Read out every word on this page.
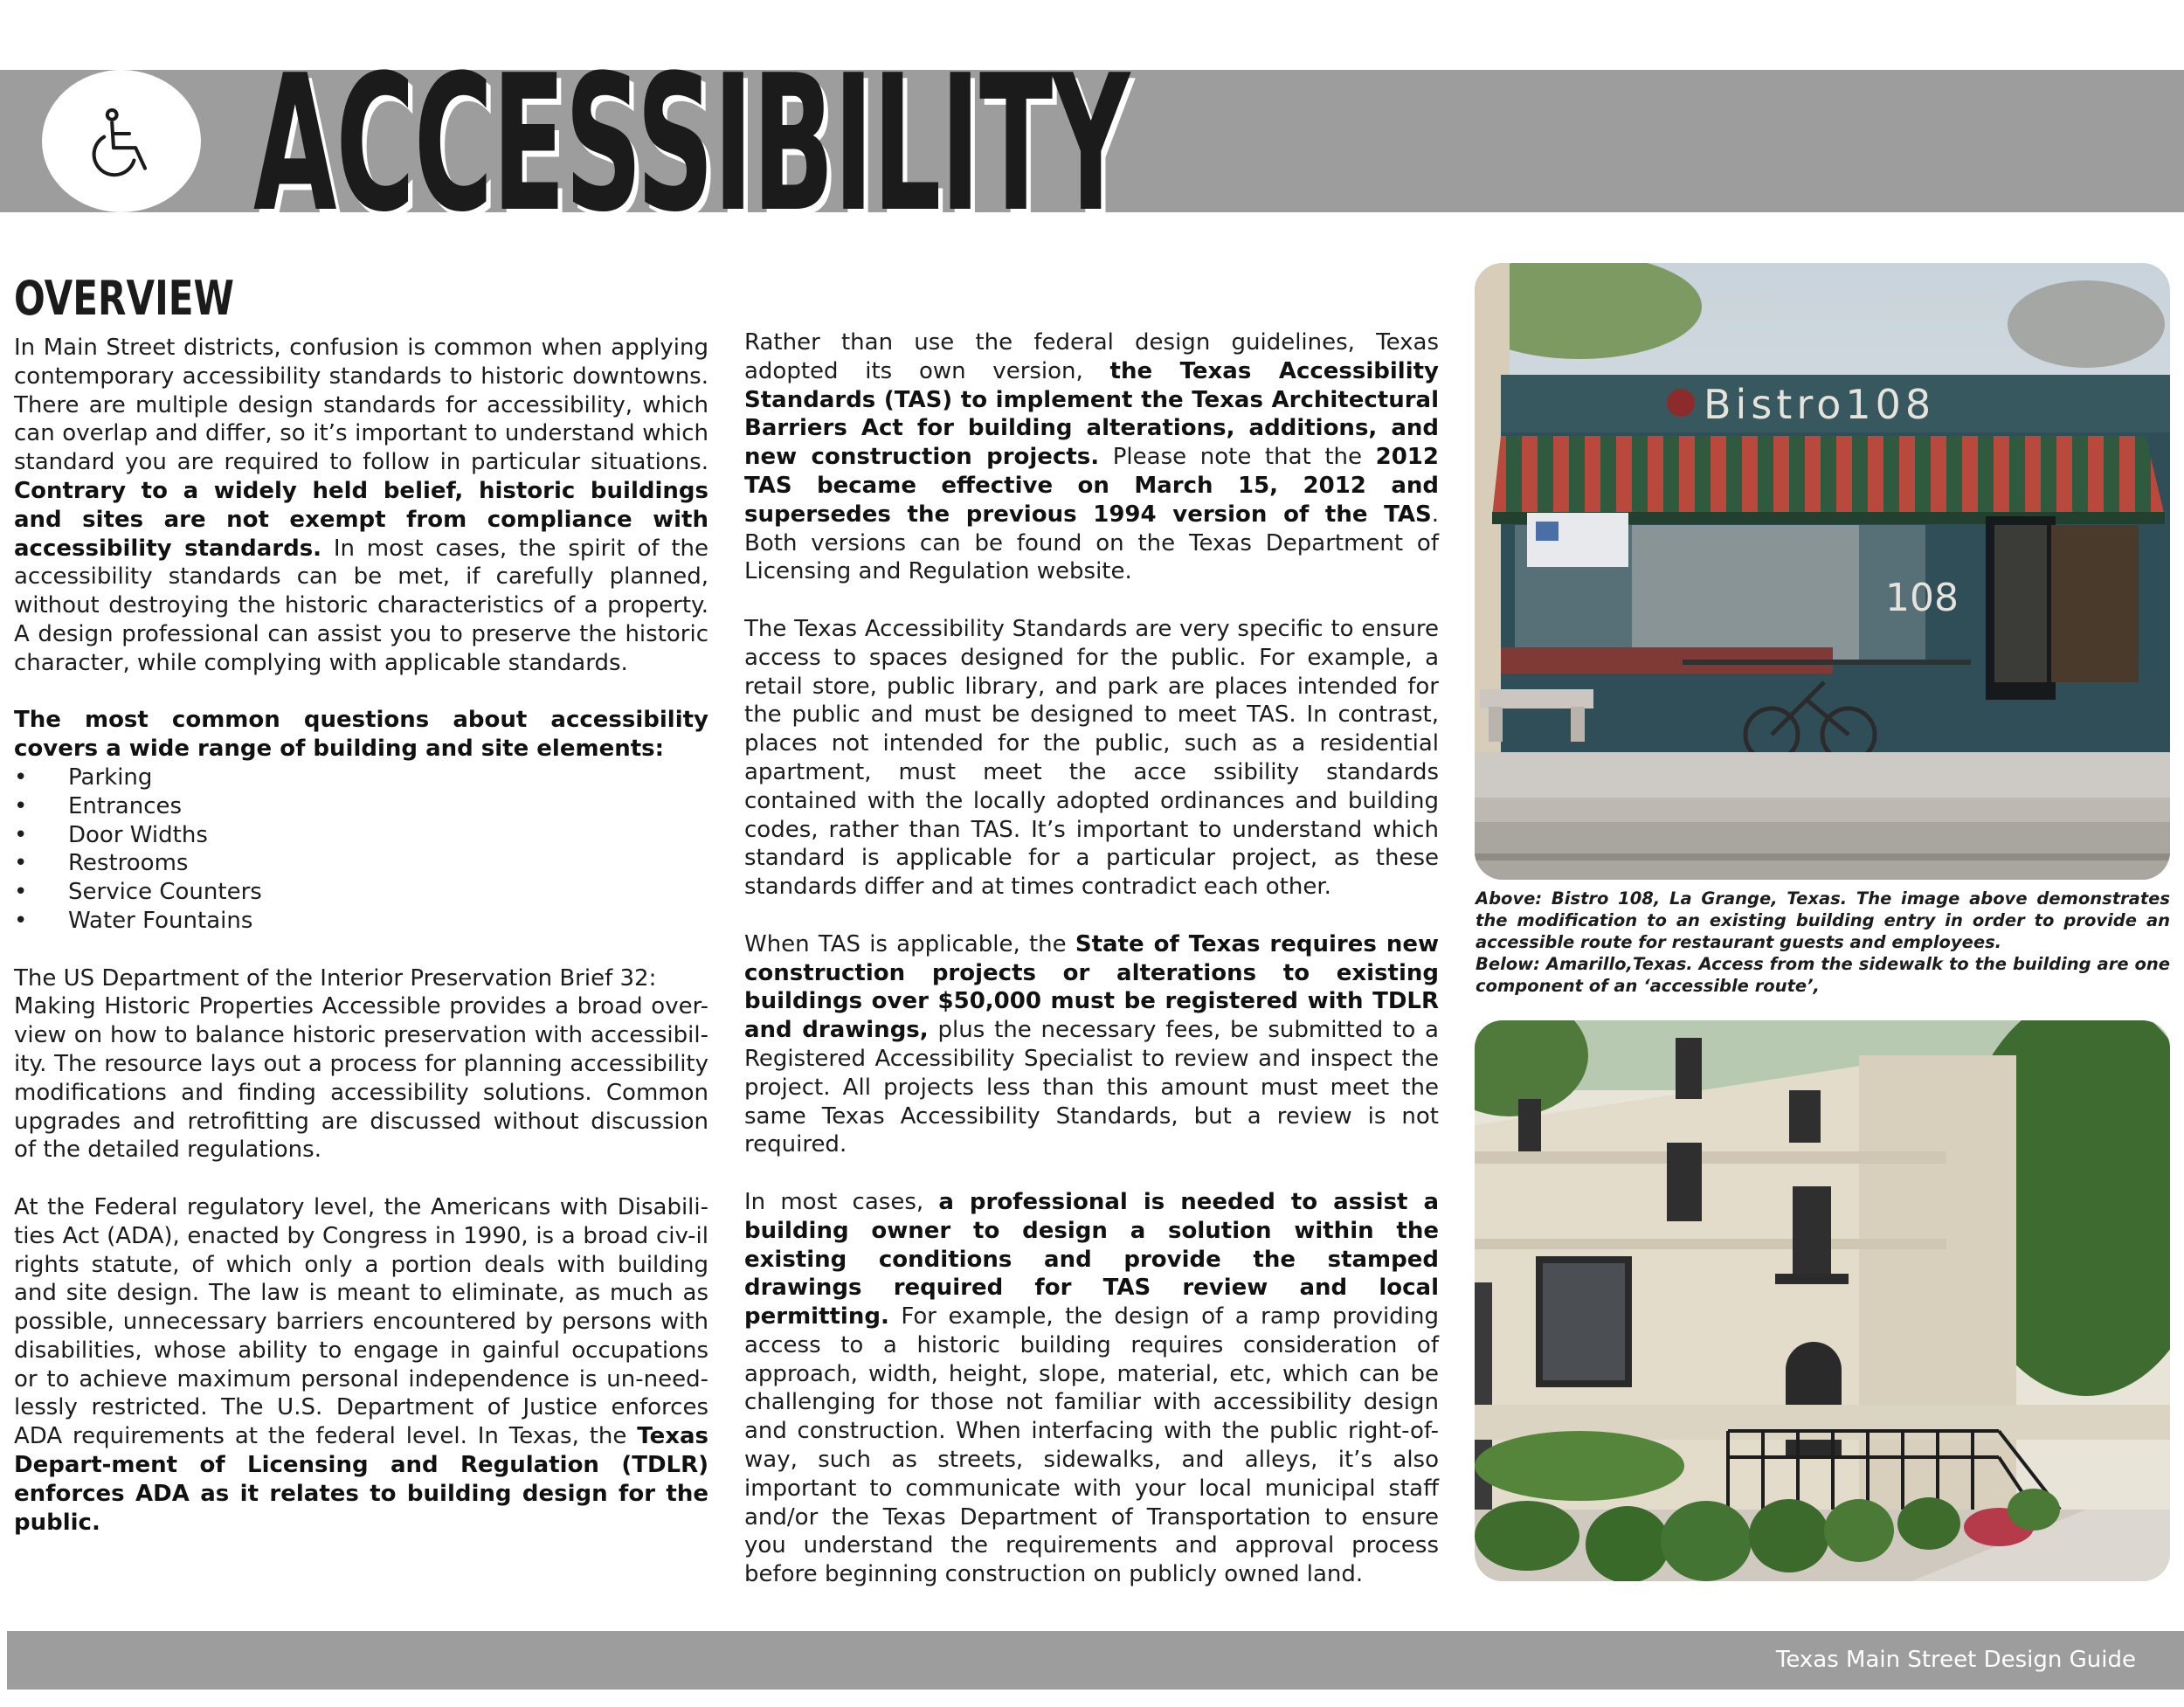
ACCESSIBILITY
OVERVIEW

In Main Street districts, confusion is common when applying contemporary accessibility standards to historic downtowns. There are multiple design standards for accessibility, which can overlap and differ, so it’s important to understand which standard you are required to follow in particular situations. Contrary to a widely held belief, historic buildings and sites are not exempt from compliance with accessibility standards. In most cases, the spirit of the accessibility standards can be met, if carefully planned, without destroying the historic characteristics of a property. A design professional can assist you to preserve the historic character, while complying with applicable standards.

The most common questions about accessibility covers a wide range of building and site elements:

• Parking
• Entrances
• Door Widths
• Restrooms
• Service Counters
• Water Fountains

The US Department of the Interior Preservation Brief 32:

Making Historic Properties Accessible provides a broad over-view on how to balance historic preservation with accessibil-ity. The resource lays out a process for planning accessibility modifications and finding accessibility solutions. Common upgrades and retrofitting are discussed without discussion of the detailed regulations.

At the Federal regulatory level, the Americans with Disabili-ties Act (ADA), enacted by Congress in 1990, is a broad civ-il rights statute, of which only a portion deals with building and site design. The law is meant to eliminate, as much as possible, unnecessary barriers encountered by persons with disabilities, whose ability to engage in gainful occupations or to achieve maximum personal independence is un-need-lessly restricted. The U.S. Department of Justice enforces ADA requirements at the federal level. In Texas, the Texas Depart-ment of Licensing and Regulation (TDLR) enforces ADA as it relates to building design for the public.

Rather than use the federal design guidelines, Texas adopted its own version, the Texas Accessibility Standards (TAS) to implement the Texas Architectural Barriers Act for building alterations, additions, and new construction projects. Please note that the 2012 TAS became effective on March 15, 2012 and supersedes the previous 1994 version of the TAS. Both versions can be found on the Texas Department of Licensing and Regulation website.

The Texas Accessibility Standards are very specific to ensure access to spaces designed for the public. For example, a retail store, public library, and park are places intended for the public and must be designed to meet TAS. In contrast, places not intended for the public, such as a residential apartment, must meet the acce ssibility standards contained with the locally adopted ordinances and building codes, rather than TAS. It’s important to understand which standard is applicable for a particular project, as these standards differ and at times contradict each other.

When TAS is applicable, the State of Texas requires new construction projects or alterations to existing buildings over $50,000 must be registered with TDLR and drawings, plus the necessary fees, be submitted to a Registered Accessibility Specialist to review and inspect the project. All projects less than this amount must meet the same Texas Accessibility Standards, but a review is not required.

In most cases, a professional is needed to assist a building owner to design a solution within the existing conditions and provide the stamped drawings required for TAS review and local permitting. For example, the design of a ramp providing access to a historic building requires consideration of approach, width, height, slope, material, etc, which can be challenging for those not familiar with accessibility design and construction. When interfacing with the public right-of-way, such as streets, sidewalks, and alleys, it’s also important to communicate with your local municipal staff and/or the Texas Department of Transportation to ensure you understand the requirements and approval process before beginning construction on publicly owned land.

Bistro108
108

Above: Bistro 108, La Grange, Texas. The image above demonstrates the modification to an existing building entry in order to provide an accessible route for restaurant guests and employees.

Below: Amarillo,Texas. Access from the sidewalk to the building are one component of an ‘accessible route’,

Texas Main Street Design Guide
